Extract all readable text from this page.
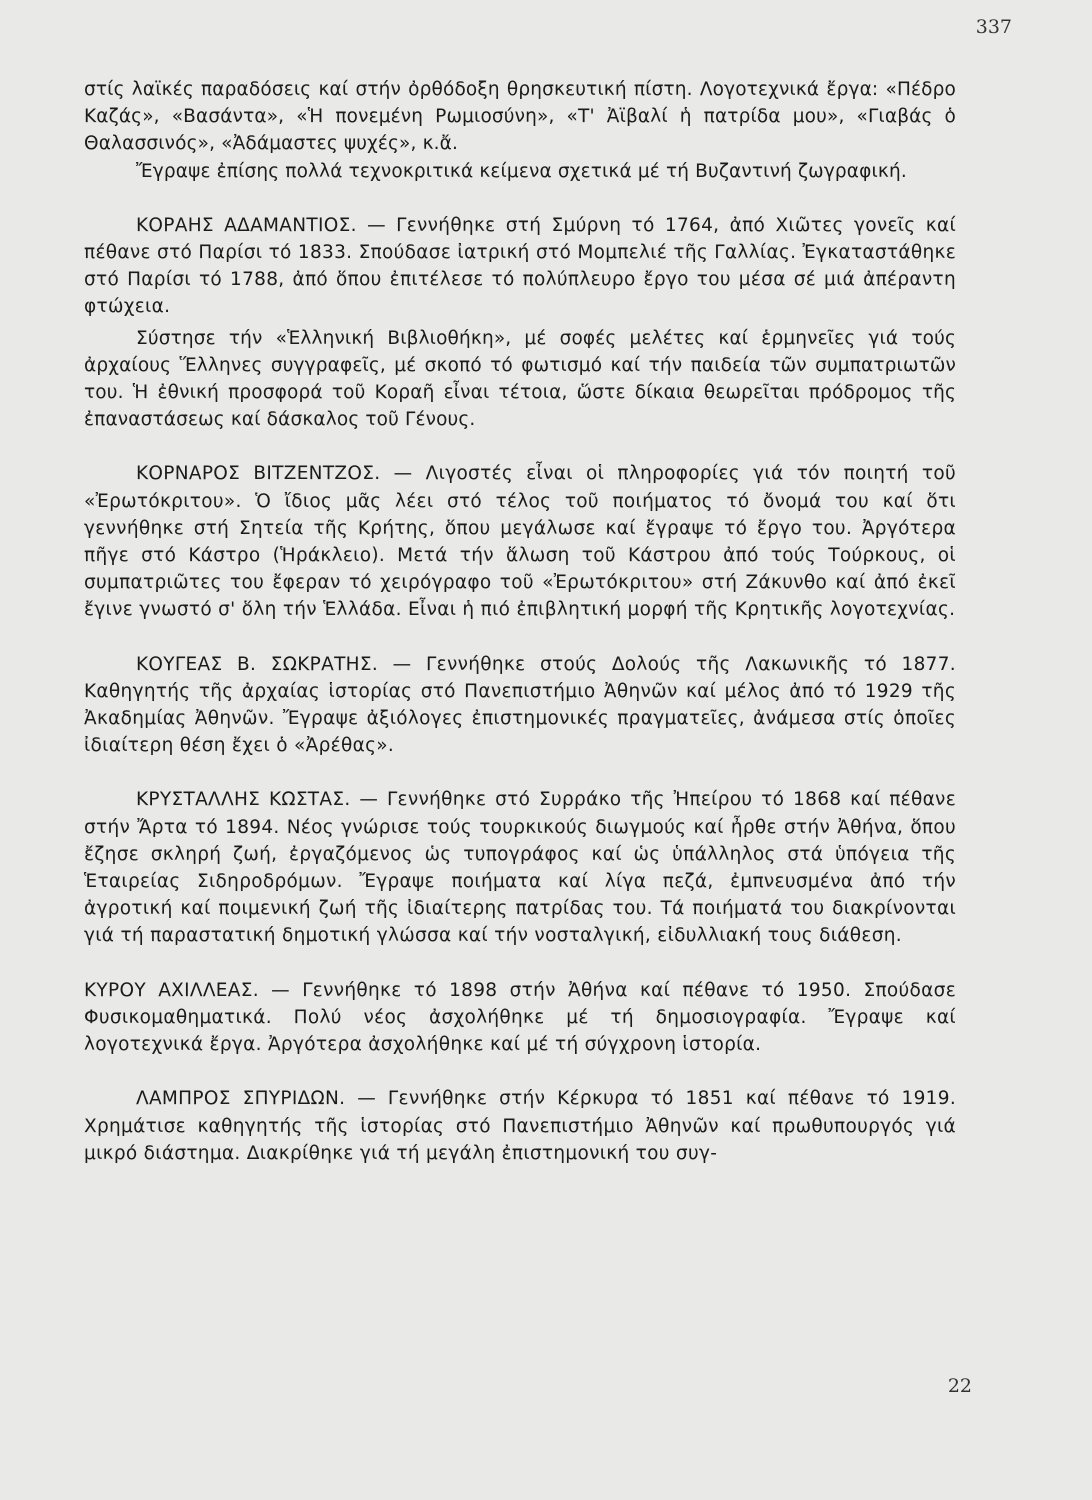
337

στίς λαϊκές παραδόσεις καί στήν ὀρθόδοξη θρησκευτική πίστη. Λογοτεχνικά ἔργα: «Πέδρο Καζάς», «Βασάντα», «Ἡ πονεμένη Ρωμιοσύνη», «Τ' Ἀϊβαλί ἡ πατρίδα μου», «Γιαβάς ὁ Θαλασσινός», «Ἀδάμαστες ψυχές», κ.ἄ.

Ἔγραψε ἐπίσης πολλά τεχνοκριτικά κείμενα σχετικά μέ τή Βυζαντινή ζωγραφική.

ΚΟΡΑΗΣ ΑΔΑΜΑΝΤΙΟΣ. — Γεννήθηκε στή Σμύρνη τό 1764, ἀπό Χιῶτες γονεῖς καί πέθανε στό Παρίσι τό 1833. Σπούδασε ἰατρική στό Μομπελιέ τῆς Γαλλίας. Ἐγκαταστάθηκε στό Παρίσι τό 1788, ἀπό ὅπου ἐπιτέλεσε τό πολύπλευρο ἔργο του μέσα σέ μιά ἀπέραντη φτώχεια.

Σύστησε τήν «Ἑλληνική Βιβλιοθήκη», μέ σοφές μελέτες καί ἑρμηνεῖες γιά τούς ἀρχαίους Ἕλληνες συγγραφεῖς, μέ σκοπό τό φωτισμό καί τήν παιδεία τῶν συμπατριωτῶν του. Ἡ ἐθνική προσφορά τοῦ Κοραῆ εἶναι τέτοια, ὥστε δίκαια θεωρεῖται πρόδρομος τῆς ἐπαναστάσεως καί δάσκαλος τοῦ Γένους.

ΚΟΡΝΑΡΟΣ ΒΙΤΖΕΝΤΖΟΣ. — Λιγοστές εἶναι οἱ πληροφορίες γιά τόν ποιητή τοῦ «Ἐρωτόκριτου». Ὁ ἴδιος μᾶς λέει στό τέλος τοῦ ποιήματος τό ὄνομά του καί ὅτι γεννήθηκε στή Σητεία τῆς Κρήτης, ὅπου μεγάλωσε καί ἔγραψε τό ἔργο του. Ἀργότερα πῆγε στό Κάστρο (Ἡράκλειο). Μετά τήν ἅλωση τοῦ Κάστρου ἀπό τούς Τούρκους, οἱ συμπατριῶτες του ἔφεραν τό χειρόγραφο τοῦ «Ἐρωτόκριτου» στή Ζάκυνθο καί ἀπό ἐκεῖ ἔγινε γνωστό σ' ὅλη τήν Ἑλλάδα. Εἶναι ἡ πιό ἐπιβλητική μορφή τῆς Κρητικῆς λογοτεχνίας.

ΚΟΥΓΕΑΣ Β. ΣΩΚΡΑΤΗΣ. — Γεννήθηκε στούς Δολούς τῆς Λακωνικῆς τό 1877. Καθηγητής τῆς ἀρχαίας ἱστορίας στό Πανεπιστήμιο Ἀθηνῶν καί μέλος ἀπό τό 1929 τῆς Ἀκαδημίας Ἀθηνῶν. Ἔγραψε ἀξιόλογες ἐπιστημονικές πραγματεῖες, ἀνάμεσα στίς ὁποῖες ἰδιαίτερη θέση ἔχει ὁ «Ἀρέθας».

ΚΡΥΣΤΑΛΛΗΣ ΚΩΣΤΑΣ. — Γεννήθηκε στό Συρράκο τῆς Ἠπείρου τό 1868 καί πέθανε στήν Ἄρτα τό 1894. Νέος γνώρισε τούς τουρκικούς διωγμούς καί ἦρθε στήν Ἀθήνα, ὅπου ἔζησε σκληρή ζωή, ἐργαζόμενος ὡς τυπογράφος καί ὡς ὑπάλληλος στά ὑπόγεια τῆς Ἑταιρείας Σιδηροδρόμων. Ἔγραψε ποιήματα καί λίγα πεζά, ἐμπνευσμένα ἀπό τήν ἀγροτική καί ποιμενική ζωή τῆς ἰδιαίτερης πατρίδας του. Τά ποιήματά του διακρίνονται γιά τή παραστατική δημοτική γλώσσα καί τήν νοσταλγική, εἰδυλλιακή τους διάθεση.

ΚΥΡΟΥ ΑΧΙΛΛΕΑΣ. — Γεννήθηκε τό 1898 στήν Ἀθήνα καί πέθανε τό 1950. Σπούδασε Φυσικομαθηματικά. Πολύ νέος ἀσχολήθηκε μέ τή δημοσιογραφία. Ἔγραψε καί λογοτεχνικά ἔργα. Ἀργότερα ἀσχολήθηκε καί μέ τή σύγχρονη ἱστορία.

ΛΑΜΠΡΟΣ ΣΠΥΡΙΔΩΝ. — Γεννήθηκε στήν Κέρκυρα τό 1851 καί πέθανε τό 1919. Χρημάτισε καθηγητής τῆς ἱστορίας στό Πανεπιστήμιο Ἀθηνῶν καί πρωθυπουργός γιά μικρό διάστημα. Διακρίθηκε γιά τή μεγάλη ἐπιστημονική του συγ-

22
